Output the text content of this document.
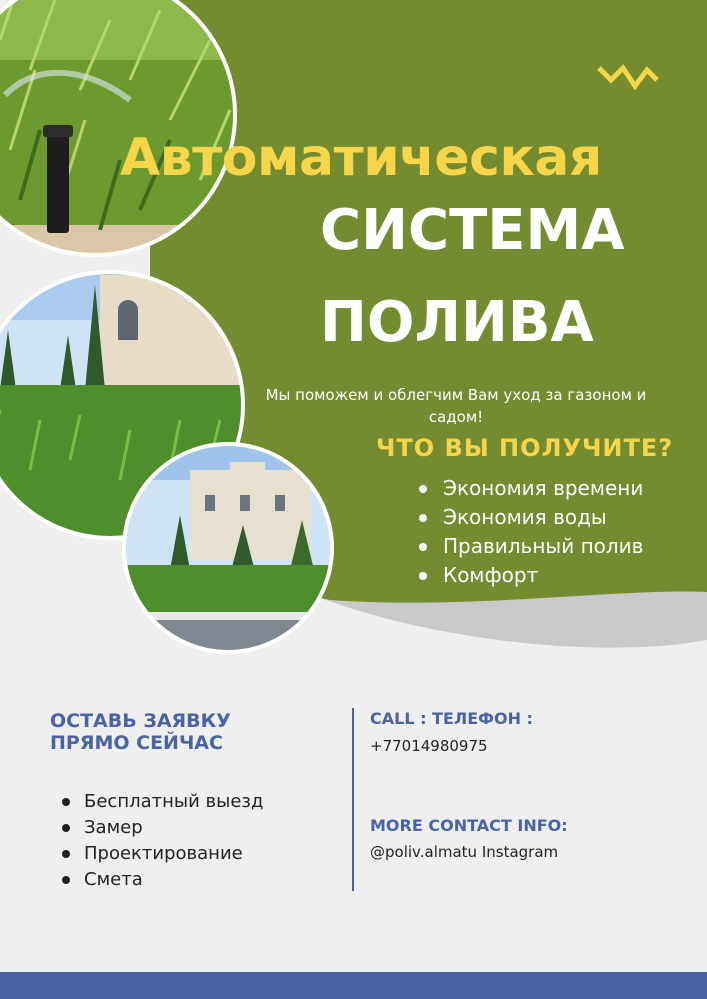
Автоматическая
СИСТЕМА
ПОЛИВА

Мы поможем и облегчим Вам уход за газоном и садом!

ЧТО ВЫ ПОЛУЧИТЕ?

Экономия времени
Экономия воды
Правильный полив
Комфорт

ОСТАВЬ ЗАЯВКУ ПРЯМО СЕЙЧАС

Бесплатный выезд
Замер
Проектирование
Смета

CALL : ТЕЛЕФОН :

+77014980975

MORE CONTACT INFO:

@poliv.almatu Instagram
